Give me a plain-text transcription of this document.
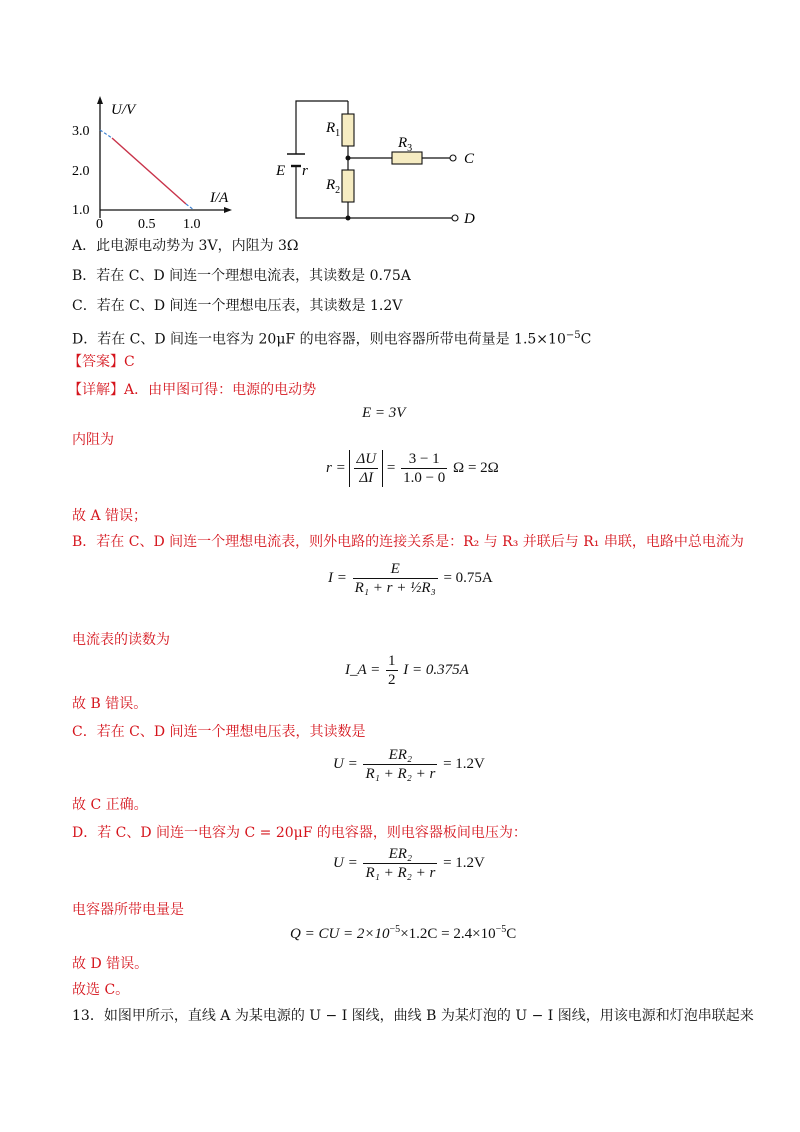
U/V
I/A
3.0
2.0
1.0
0	0.5 1.0
$R_1$
$R_2$
$R_3$
E r
C
D
A．此电源电动势为 3V，内阻为 3Ω
B．若在 C、D 间连一个理想电流表，其读数是 0.75A
C．若在 C、D 间连一个理想电压表，其读数是 1.2V
D．若在 C、D 间连一电容为 20μF 的电容器，则电容器所带电荷量是 $1.5\times 10^{-5}C$
【答案】C
【详解】A．由甲图可得：电源的电动势
E = 3V
内阻为
$r = \frac{\Delta U}{\Delta I} = \frac{3 - 1}{1.0 - 0}$ Ω = 2Ω
故 A 错误；
B．若在 C、D 间连一个理想电流表，则外电路的连接关系是：R₂ 与 R₃ 并联后与 R₁ 串联，电路中总电流为
$I = \frac{E}{\text{R₁ + r + ½R₃}} = 0.75A$
电流表的读数为
I_A = $\frac{1}{2}$ I = 0.375A
故 B 错误。
C．若在 C、D 间连一个理想电压表，其读数是
$U = \frac{\text{ER₂}}{\text{R₁ + R₂ + r}} = 1.2V$
故 C 正确。
D．若 C、D 间连一电容为 C = 20μF 的电容器，则电容器板间电压为：
$U = \frac{\text{ER₂}}{\text{R₁ + R₂ + r}} = 1.2V$
电容器所带电量是
Q = CU = $2\times 10^{-5}\times 1.2C = 2.4\times 10^{-5}C$
故 D 错误。
故选 C。
13．如图甲所示，直线 A 为某电源的 U − I 图线，曲线 B 为某灯泡的 U − I 图线，用该电源和灯泡串联起来
